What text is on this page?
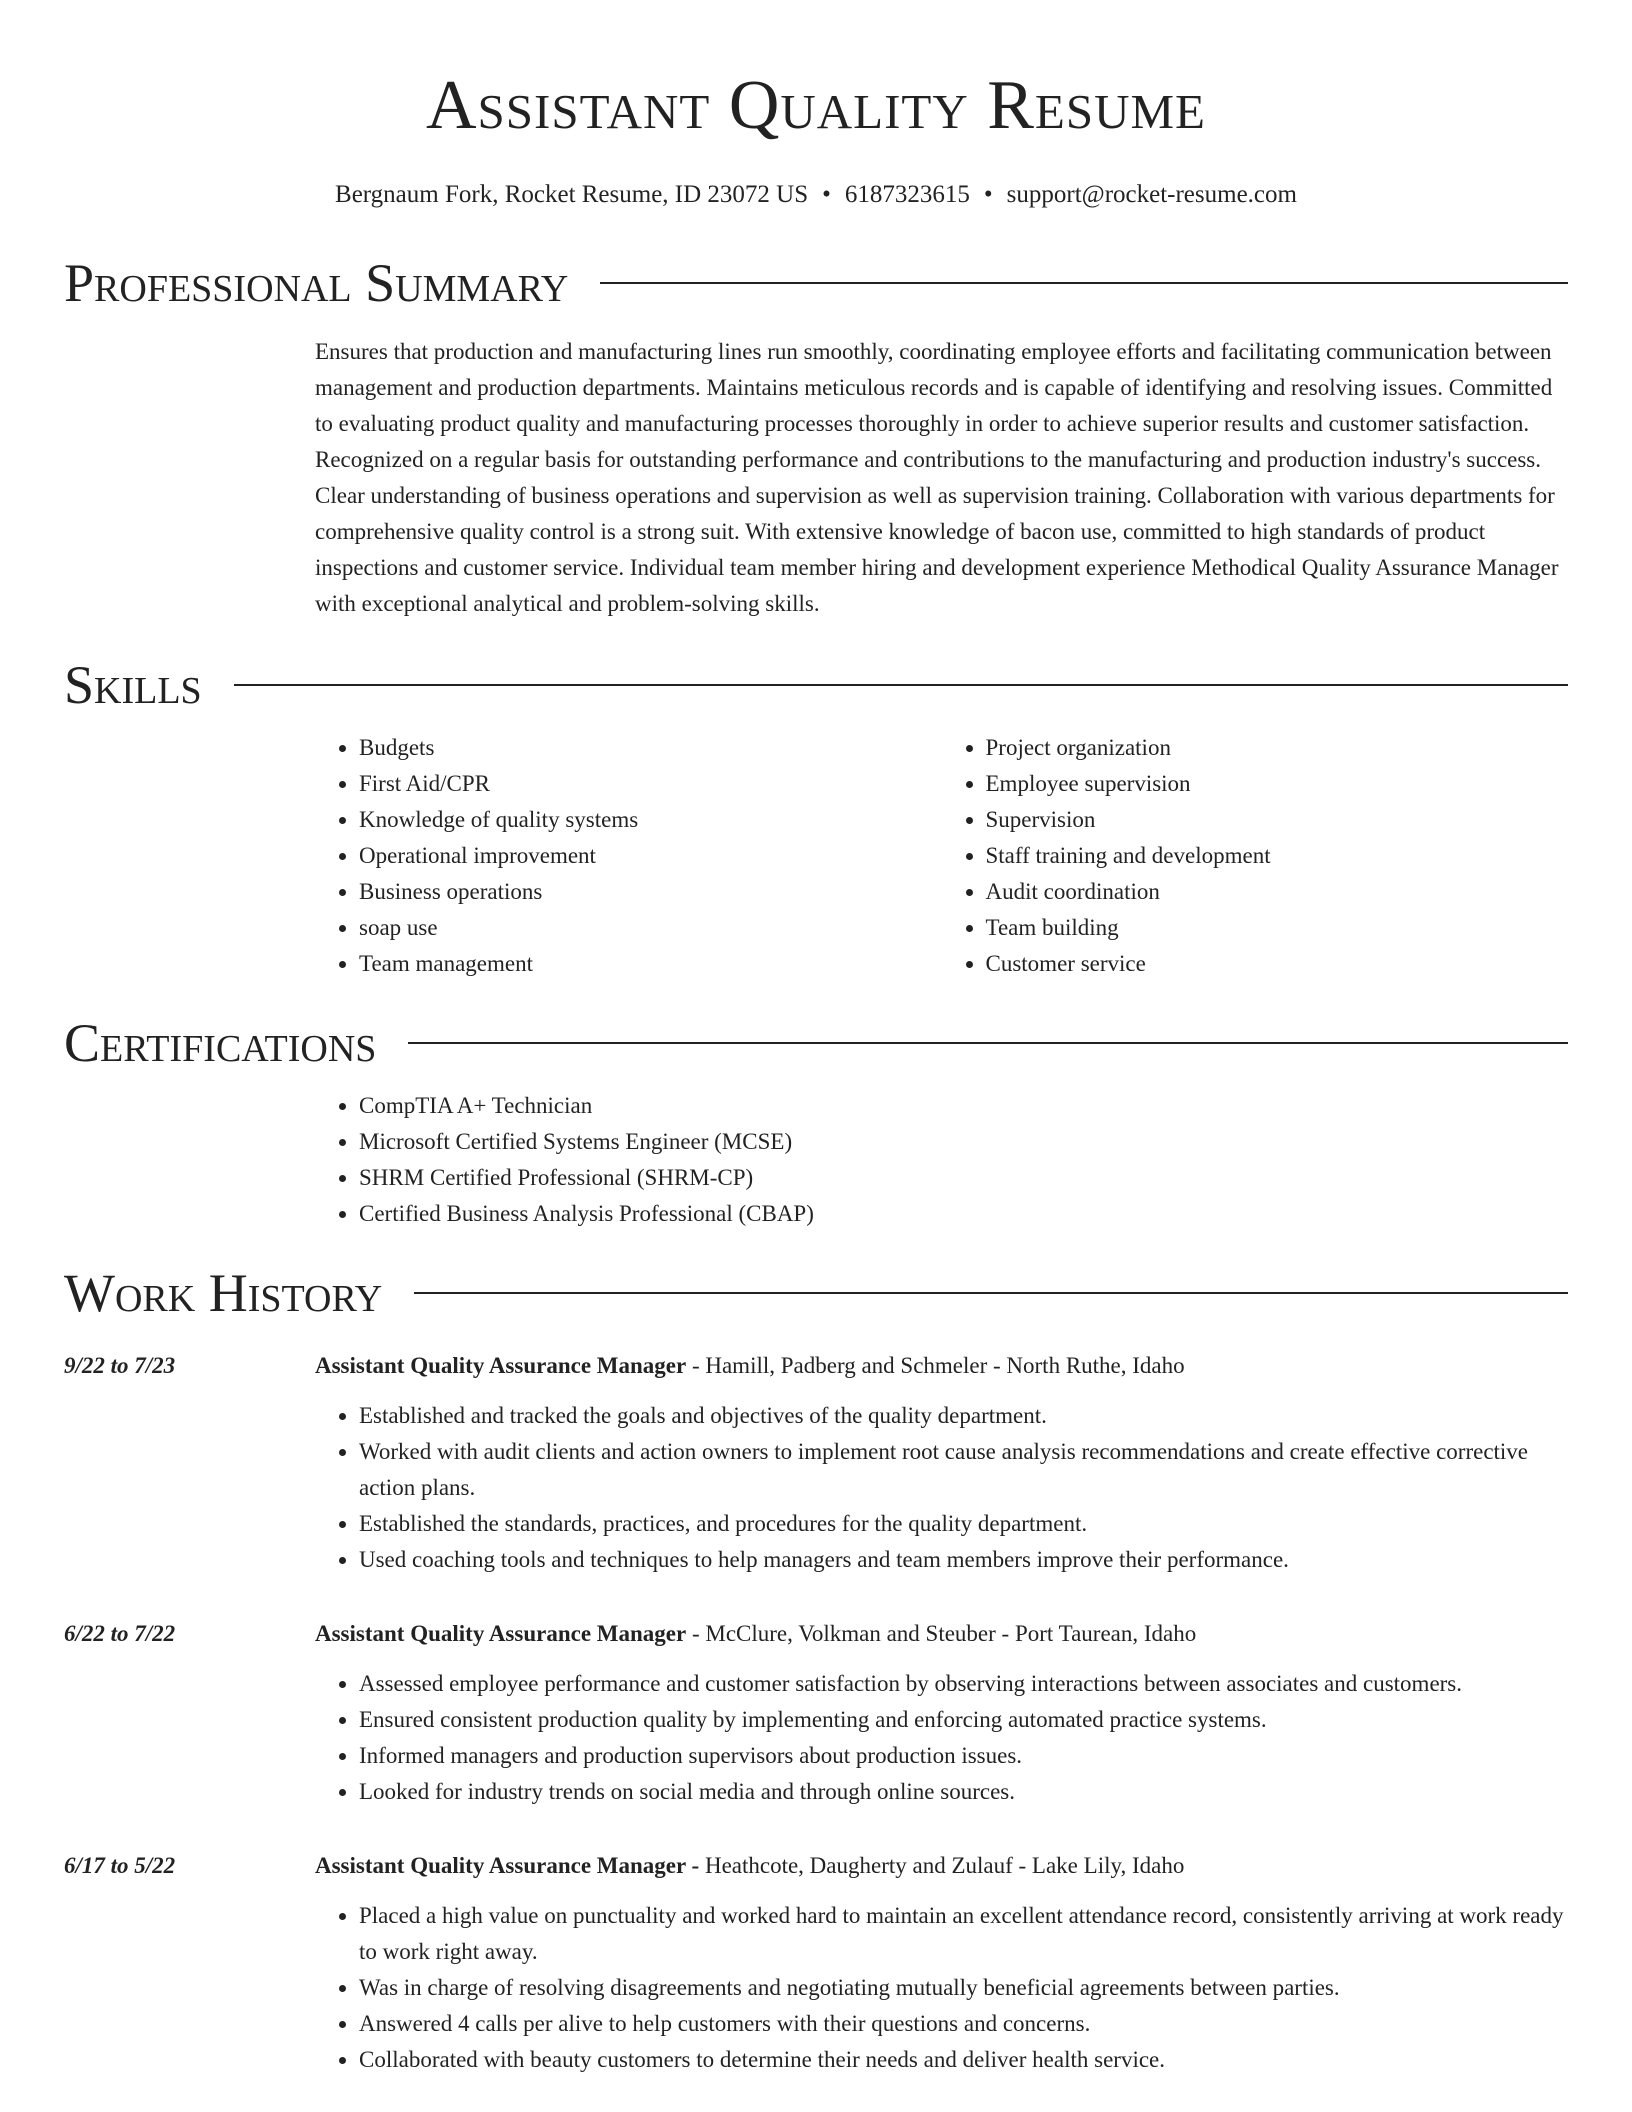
Assistant Quality Resume
Bergnaum Fork, Rocket Resume, ID 23072 US • 6187323615 • support@rocket-resume.com
Professional Summary
Ensures that production and manufacturing lines run smoothly, coordinating employee efforts and facilitating communication between management and production departments. Maintains meticulous records and is capable of identifying and resolving issues. Committed to evaluating product quality and manufacturing processes thoroughly in order to achieve superior results and customer satisfaction. Recognized on a regular basis for outstanding performance and contributions to the manufacturing and production industry's success. Clear understanding of business operations and supervision as well as supervision training. Collaboration with various departments for comprehensive quality control is a strong suit. With extensive knowledge of bacon use, committed to high standards of product inspections and customer service. Individual team member hiring and development experience Methodical Quality Assurance Manager with exceptional analytical and problem-solving skills.
Skills
• Budgets
• First Aid/CPR
• Knowledge of quality systems
• Operational improvement
• Business operations
• soap use
• Team management
• Project organization
• Employee supervision
• Supervision
• Staff training and development
• Audit coordination
• Team building
• Customer service
Certifications
• CompTIA A+ Technician
• Microsoft Certified Systems Engineer (MCSE)
• SHRM Certified Professional (SHRM-CP)
• Certified Business Analysis Professional (CBAP)
Work History
9/22 to 7/23	Assistant Quality Assurance Manager - Hamill, Padberg and Schmeler - North Ruthe, Idaho
• Established and tracked the goals and objectives of the quality department.
• Worked with audit clients and action owners to implement root cause analysis recommendations and create effective corrective action plans.
• Established the standards, practices, and procedures for the quality department.
• Used coaching tools and techniques to help managers and team members improve their performance.
6/22 to 7/22	Assistant Quality Assurance Manager - McClure, Volkman and Steuber - Port Taurean, Idaho
• Assessed employee performance and customer satisfaction by observing interactions between associates and customers.
• Ensured consistent production quality by implementing and enforcing automated practice systems.
• Informed managers and production supervisors about production issues.
• Looked for industry trends on social media and through online sources.
6/17 to 5/22	Assistant Quality Assurance Manager - Heathcote, Daugherty and Zulauf - Lake Lily, Idaho
• Placed a high value on punctuality and worked hard to maintain an excellent attendance record, consistently arriving at work ready to work right away.
• Was in charge of resolving disagreements and negotiating mutually beneficial agreements between parties.
• Answered 4 calls per alive to help customers with their questions and concerns.
• Collaborated with beauty customers to determine their needs and deliver health service.
